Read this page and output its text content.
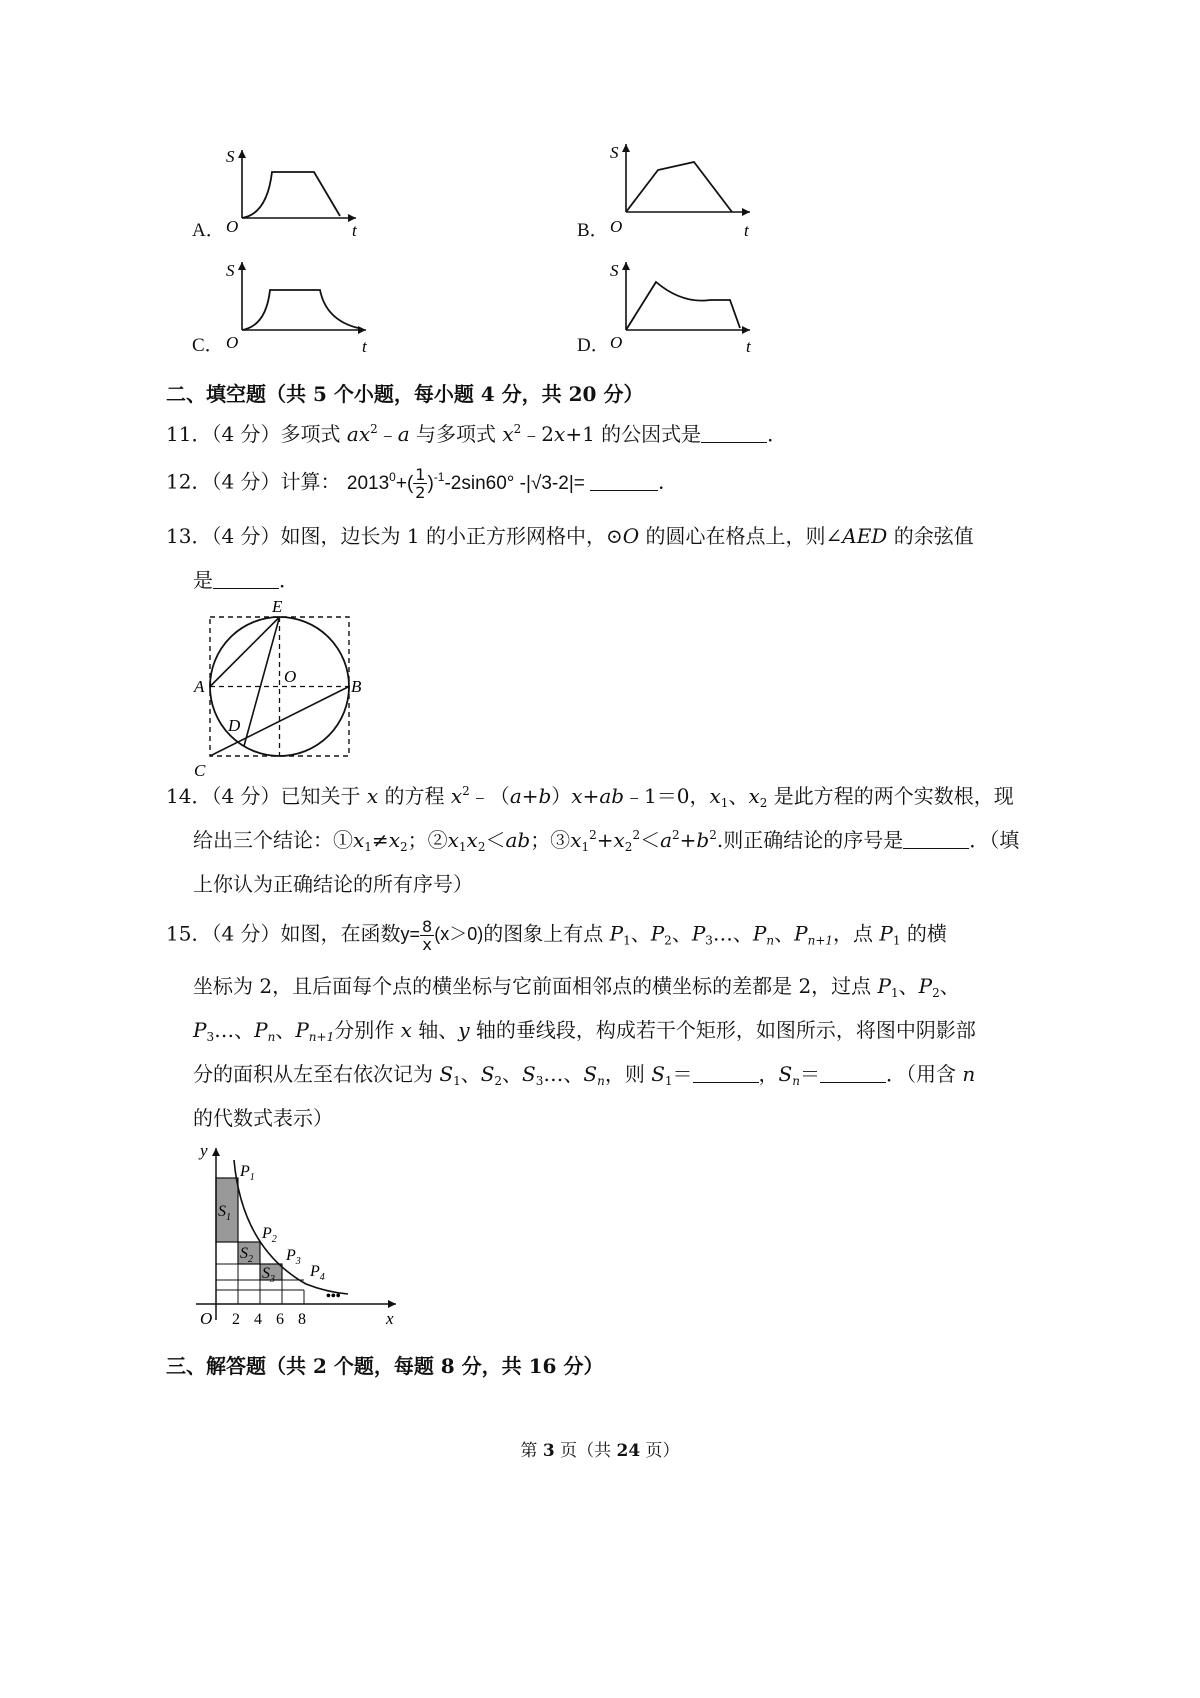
A．
S
O	t	B．
S
O	t
C．
S
O	t	D．
S
O	t
二、填空题（共 5 个小题，每小题 4 分，共 20 分）
11．（4 分）多项式 $ax^2﹣a$ 与多项式 $x^2﹣2x+1$ 的公因式是	．
12．（4 分）计算： $2013^0+( \frac{1}{2} )^{-1}-2\sin 60^\circ$ -|√3-2|=	．
13．（4 分）如图，边长为 1 的小正方形网格中，⊙O 的圆心在格点上，则∠AED 的余弦值
是	．
E
A
O
B
D
C
14．（4 分）已知关于 x 的方程 $x^2﹣(a+b)x+ab﹣1=0$，$x_1$、$x_2$ 是此方程的两个实数根，现
给出三个结论：$①x_1\ne x_2$；$②x_1x_2<ab$；$③x_1^2+x_2^2<a^2+b^2$.则正确结论的序号是	．（填
上你认为正确结论的所有序号）
15．（4 分）如图，在函数$y= \frac{8}{x} (x>0)$的图象上有点 $P_1$、$P_2$、$P_3\dots$、$P_n$、$P_{n+1}$，点 $P_1$ 的横
坐标为 2，且后面每个点的横坐标与它前面相邻点的横坐标的差都是 2，过点 $P_1$、$P_2$、
$P_3\dots$、$P_n$、$P_{n+1}$分别作 x 轴、y 轴的垂线段，构成若干个矩形，如图所示，将图中阴影部
分的面积从左至右依次记为 $S_1$、$S_2$、$S_3\dots$、$S_n$，则 $S_1=$	，$S_n=$	．（用含 n
的代数式表示）
y
x
O 2 4 6 8
$P_1$
$P_2$
$P_3$
$P_4$
$S_1$
$S_2$
$S_3$
•••
三、解答题（共 2 个题，每题 8 分，共 16 分）
第 3 页（共 24 页）
